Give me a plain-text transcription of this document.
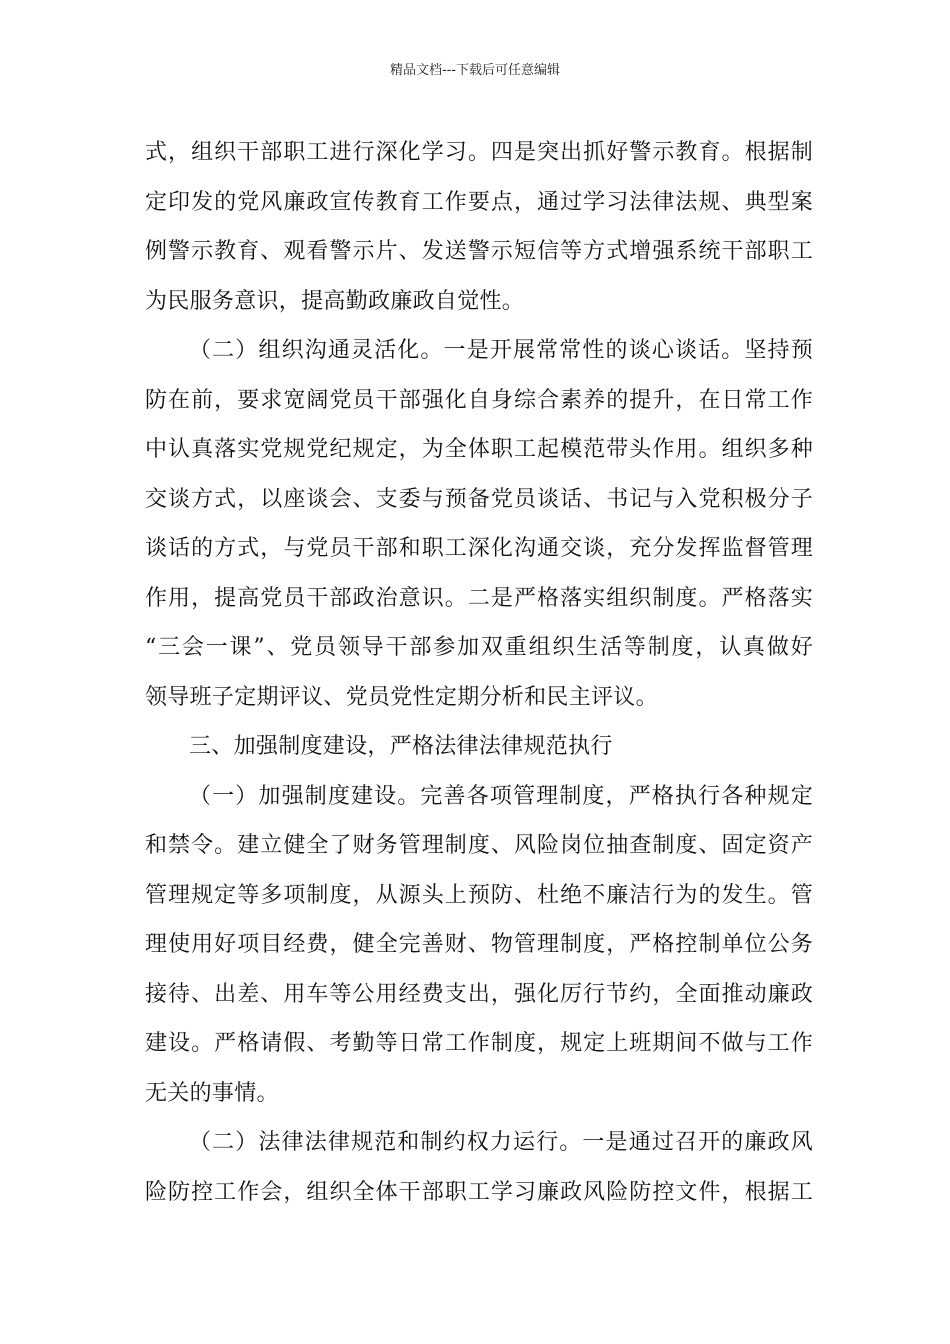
精品文档---下载后可任意编辑
式，组织干部职工进行深化学习。四是突出抓好警示教育。根据制
定印发的党风廉政宣传教育工作要点，通过学习法律法规、典型案
例警示教育、观看警示片、发送警示短信等方式增强系统干部职工
为民服务意识，提高勤政廉政自觉性。
（二）组织沟通灵活化。一是开展常常性的谈心谈话。坚持预
防在前，要求宽阔党员干部强化自身综合素养的提升，在日常工作
中认真落实党规党纪规定，为全体职工起模范带头作用。组织多种
交谈方式，以座谈会、支委与预备党员谈话、书记与入党积极分子
谈话的方式，与党员干部和职工深化沟通交谈，充分发挥监督管理
作用，提高党员干部政治意识。二是严格落实组织制度。严格落实
“三会一课”、党员领导干部参加双重组织生活等制度，认真做好
领导班子定期评议、党员党性定期分析和民主评议。
三、加强制度建设，严格法律法律规范执行
（一）加强制度建设。完善各项管理制度，严格执行各种规定
和禁令。建立健全了财务管理制度、风险岗位抽查制度、固定资产
管理规定等多项制度，从源头上预防、杜绝不廉洁行为的发生。管
理使用好项目经费，健全完善财、物管理制度，严格控制单位公务
接待、出差、用车等公用经费支出，强化厉行节约，全面推动廉政
建设。严格请假、考勤等日常工作制度，规定上班期间不做与工作
无关的事情。
（二）法律法律规范和制约权力运行。一是通过召开的廉政风
险防控工作会，组织全体干部职工学习廉政风险防控文件，根据工
